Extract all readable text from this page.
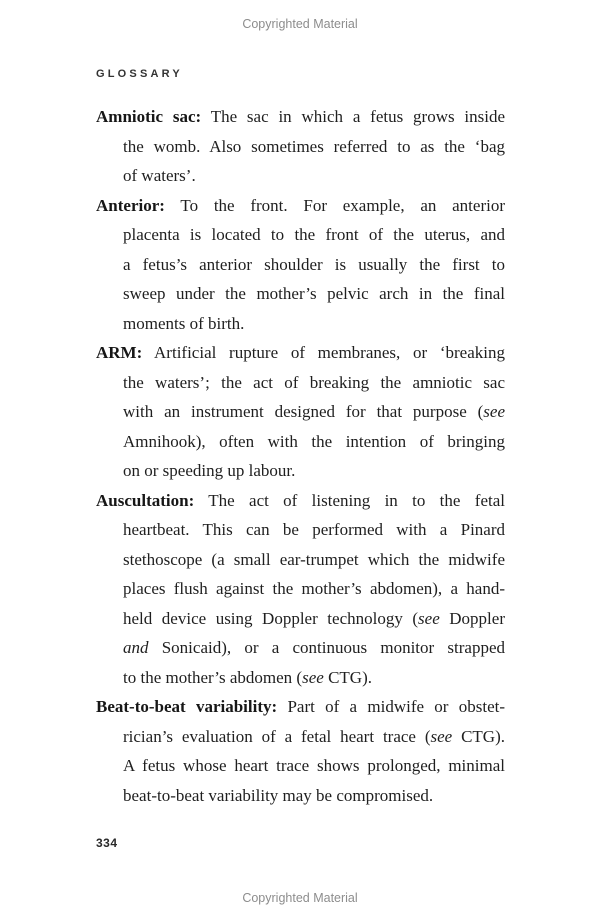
Copyrighted Material
GLOSSARY
Amniotic sac: The sac in which a fetus grows inside
the womb. Also sometimes referred to as the ‘bag
of waters’.
Anterior: To the front. For example, an anterior
placenta is located to the front of the uterus, and
a fetus’s anterior shoulder is usually the first to
sweep under the mother’s pelvic arch in the final
moments of birth.
ARM: Artificial rupture of membranes, or ‘breaking
the waters’; the act of breaking the amniotic sac
with an instrument designed for that purpose (see
Amnihook), often with the intention of bringing
on or speeding up labour.
Auscultation: The act of listening in to the fetal
heartbeat. This can be performed with a Pinard
stethoscope (a small ear-trumpet which the midwife
places flush against the mother’s abdomen), a hand-
held device using Doppler technology (see Doppler
and Sonicaid), or a continuous monitor strapped
to the mother’s abdomen (see CTG).
Beat-to-beat variability: Part of a midwife or obstet-
rician’s evaluation of a fetal heart trace (see CTG).
A fetus whose heart trace shows prolonged, minimal
beat-to-beat variability may be compromised.
334
Copyrighted Material
